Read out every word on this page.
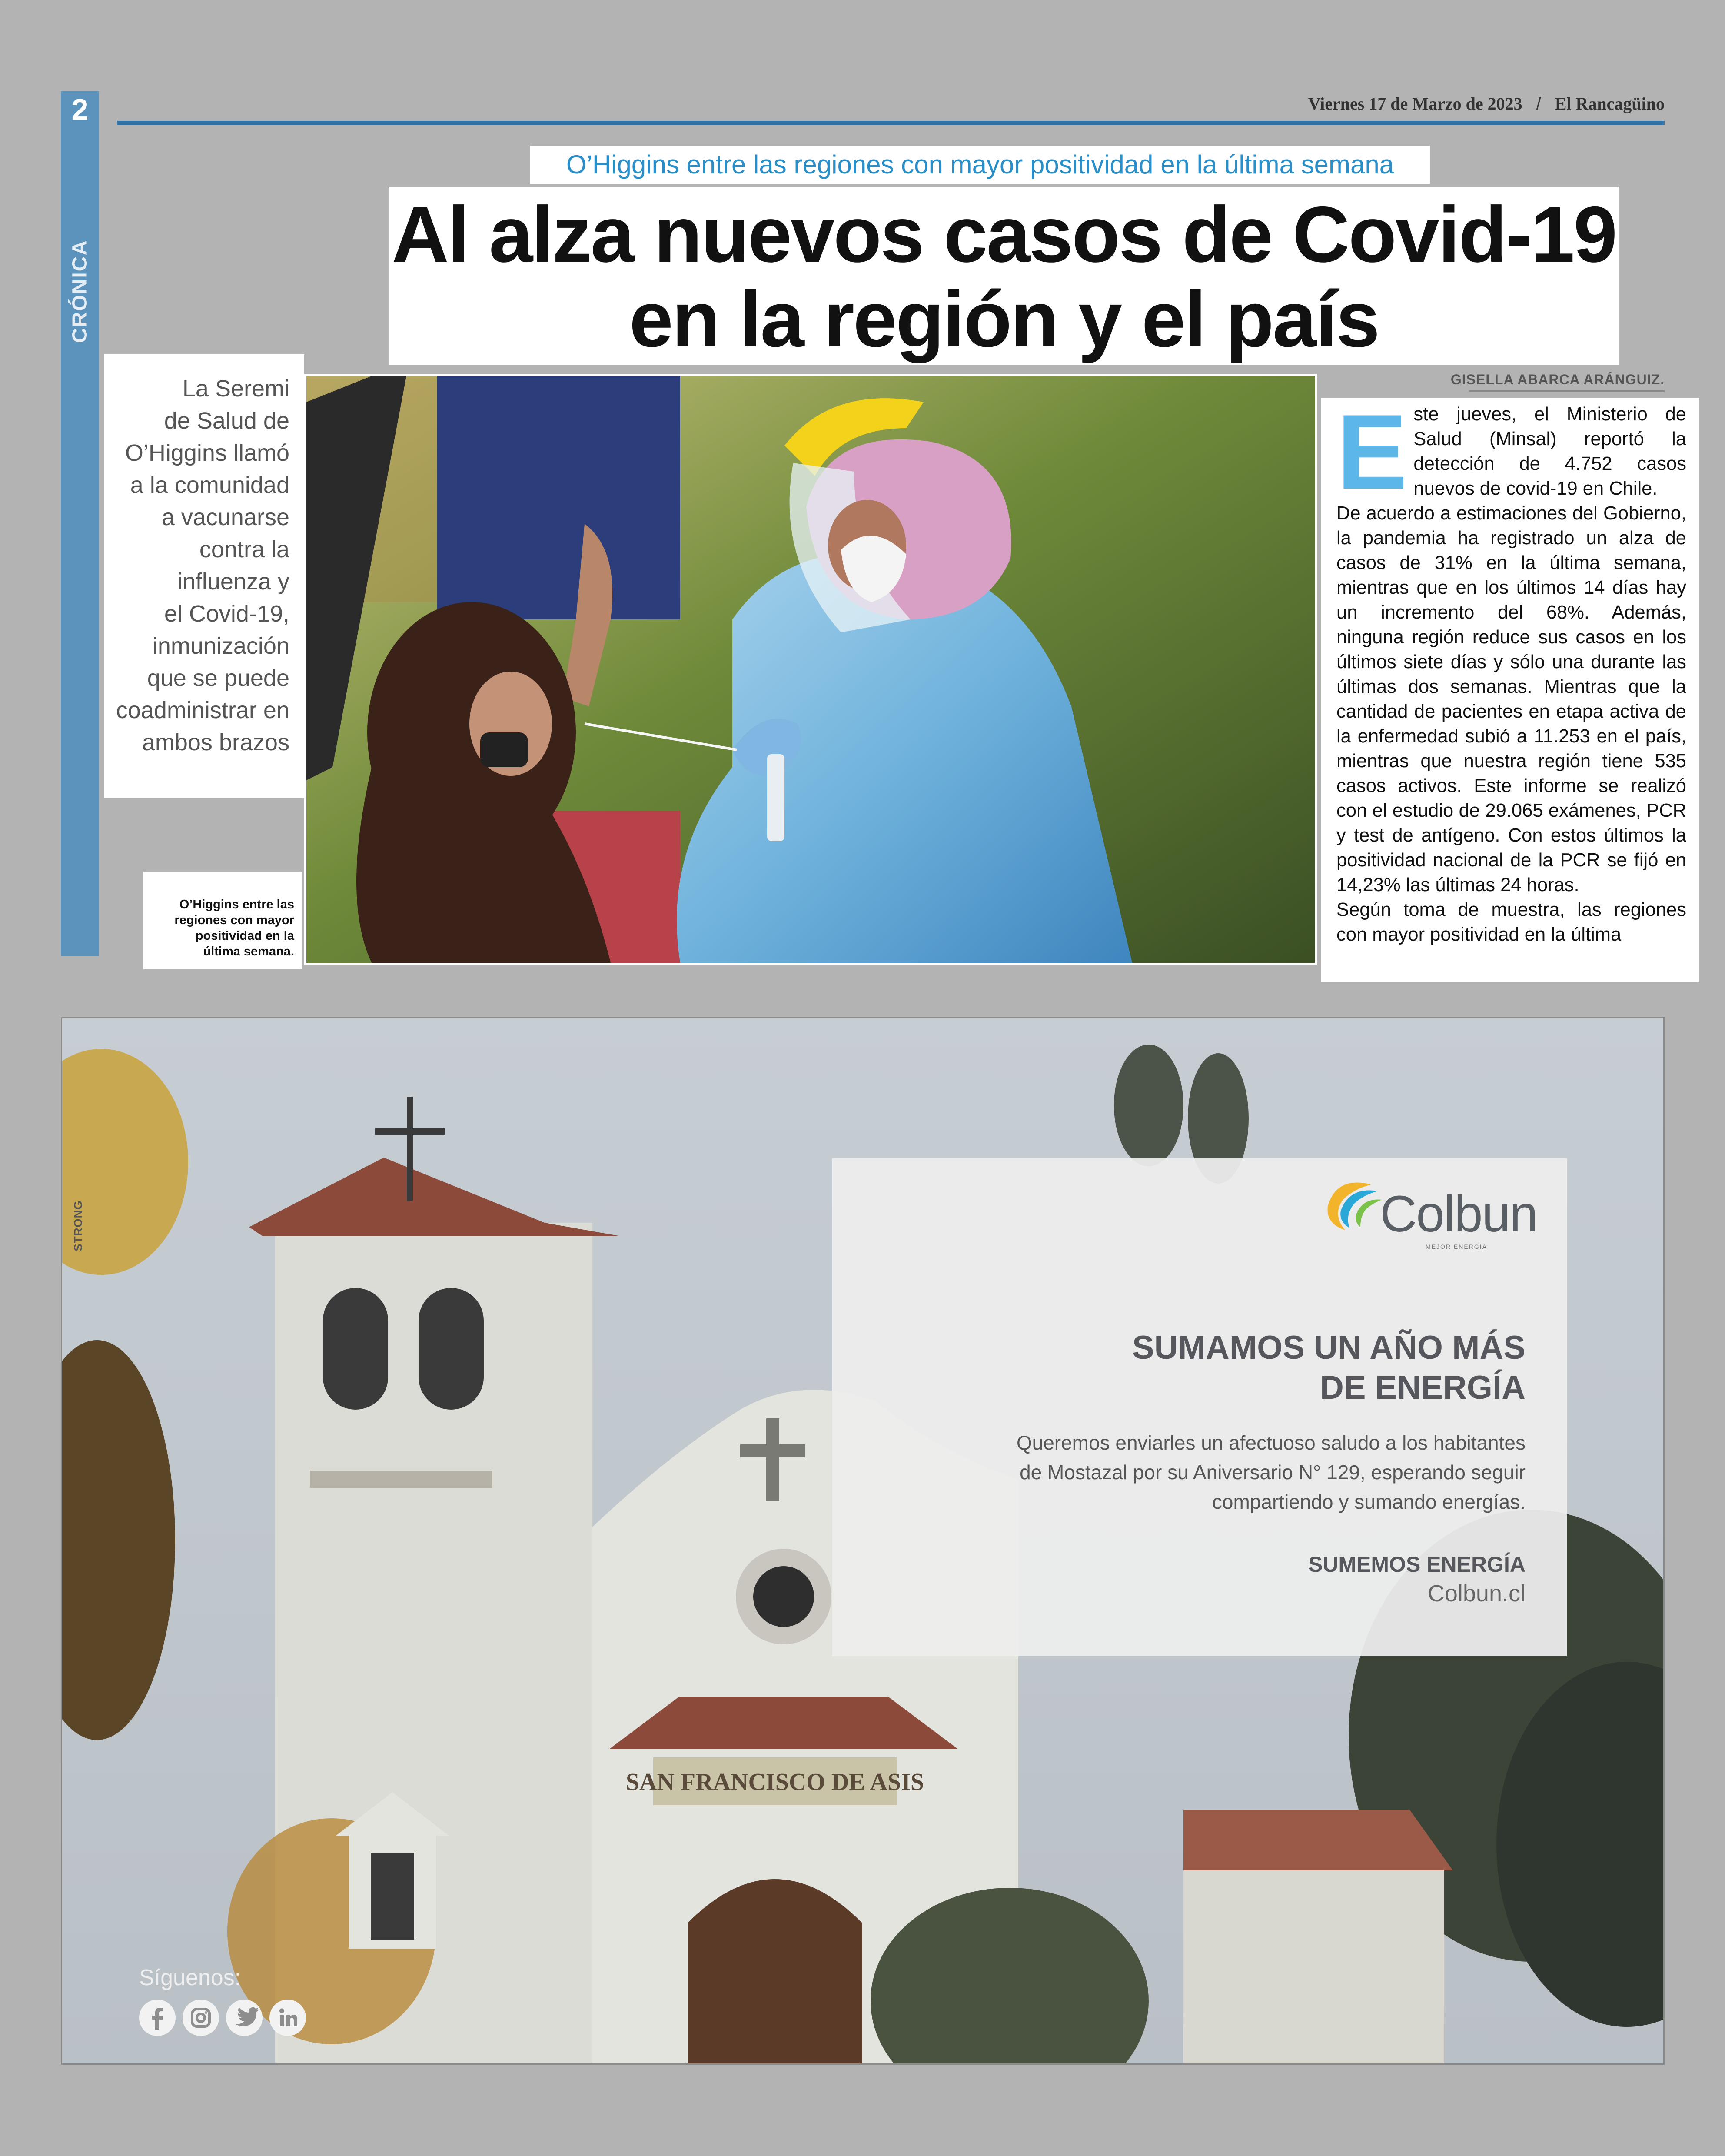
2
CRÓNICA
Viernes 17 de Marzo de 2023 / El Rancagüino
O’Higgins entre las regiones con mayor positividad en la última semana
Al alza nuevos casos de Covid-19
en la región y el país
La Seremi
de Salud de
O’Higgins llamó
a la comunidad
a vacunarse
contra la
influenza y
el Covid-19,
inmunización
que se puede
coadministrar en
ambos brazos
O’Higgins entre las
regiones con mayor
positividad en la
última semana.
GISELLA ABARCA ARÁNGUIZ.

Este jueves, el Ministerio de Salud (Minsal) reportó la detección de 4.752 casos nuevos de covid-19 en Chile.

De acuerdo a estimaciones del Gobierno, la pandemia ha registrado un alza de casos de 31% en la última semana, mientras que en los últimos 14 días hay un incremento del 68%. Además, ninguna región reduce sus casos en los últimos siete días y sólo una durante las últimas dos semanas. Mientras que la cantidad de pacientes en etapa activa de la enfermedad subió a 11.253 en el país, mientras que nuestra región tiene 535 casos activos. Este informe se realizó con el estudio de 29.065 exámenes, PCR y test de antígeno. Con estos últimos la positividad nacional de la PCR se fijó en 14,23% las últimas 24 horas.

Según toma de muestra, las regiones con mayor positividad en la última

SAN FRANCISCO DE ASIS
STRONG	Colbun
MEJOR ENERGÍA
SUMAMOS UN AÑO MÁS
DE ENERGÍA
Queremos enviarles un afectuoso saludo a los habitantes
de Mostazal por su Aniversario N° 129, esperando seguir
compartiendo y sumando energías.
SUMEMOS ENERGÍA
Colbun.cl
Síguenos:
